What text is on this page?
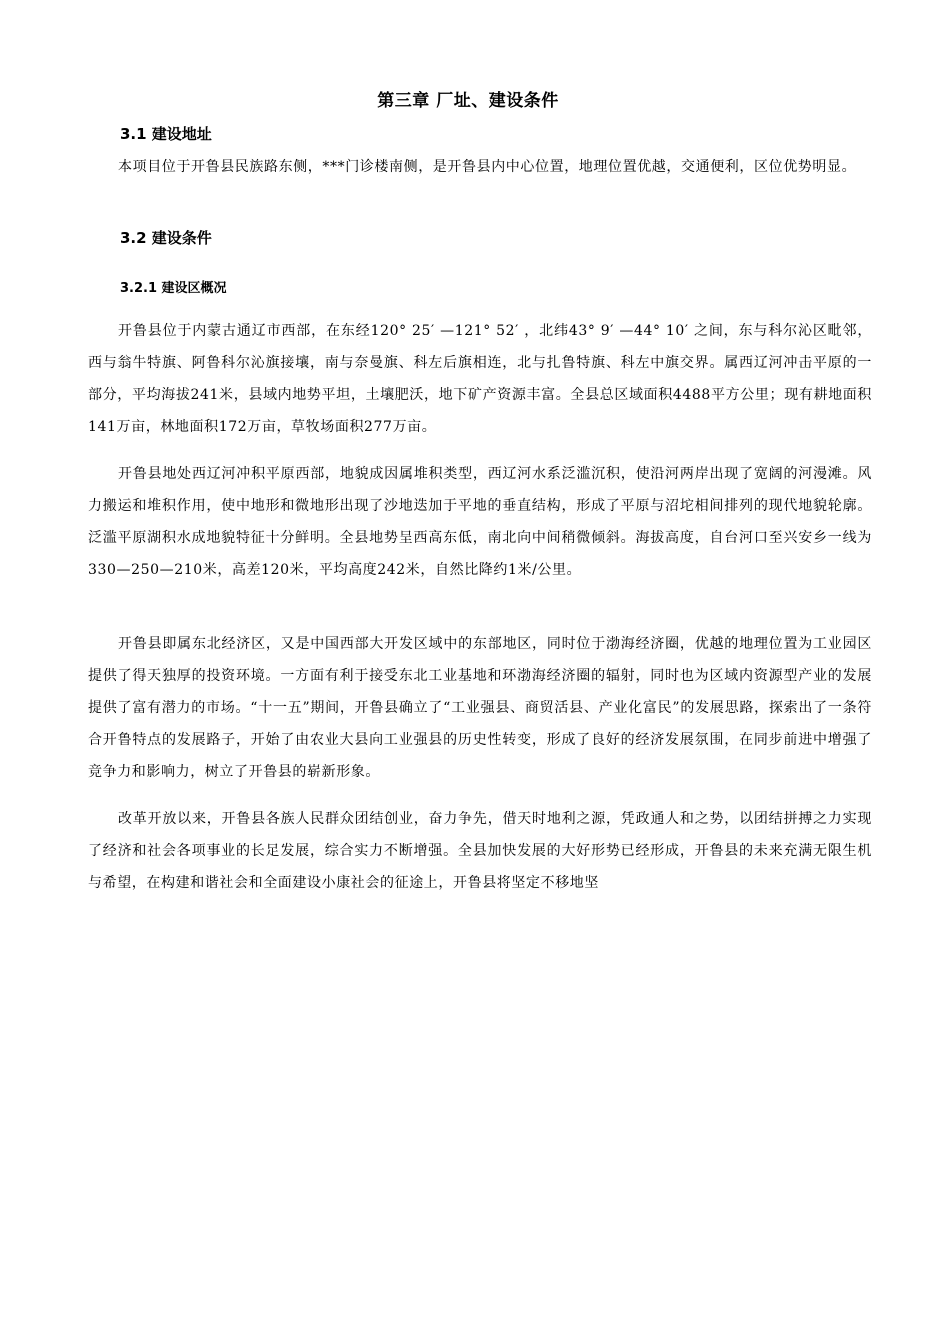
第三章 厂址、建设条件
3.1 建设地址

本项目位于开鲁县民族路东侧，***门诊楼南侧，是开鲁县内中心位置，地理位置优越，交通便利，区位优势明显。

3.2 建设条件
3.2.1 建设区概况

开鲁县位于内蒙古通辽市西部，在东经120° 25′ —121° 52′ ，北纬43° 9′ —44° 10′ 之间，东与科尔沁区毗邻，西与翁牛特旗、阿鲁科尔沁旗接壤，南与奈曼旗、科左后旗相连，北与扎鲁特旗、科左中旗交界。属西辽河冲击平原的一部分，平均海拔241米，县域内地势平坦，土壤肥沃，地下矿产资源丰富。全县总区域面积4488平方公里；现有耕地面积141万亩，林地面积172万亩，草牧场面积277万亩。

开鲁县地处西辽河冲积平原西部，地貌成因属堆积类型，西辽河水系泛滥沉积，使沿河两岸出现了宽阔的河漫滩。风力搬运和堆积作用，使中地形和微地形出现了沙地迭加于平地的垂直结构，形成了平原与沼坨相间排列的现代地貌轮廓。泛滥平原湖积水成地貌特征十分鲜明。全县地势呈西高东低，南北向中间稍微倾斜。海拔高度，自台河口至兴安乡一线为330—250—210米，高差120米，平均高度242米，自然比降约1米/公里。

开鲁县即属东北经济区，又是中国西部大开发区域中的东部地区，同时位于渤海经济圈，优越的地理位置为工业园区提供了得天独厚的投资环境。一方面有利于接受东北工业基地和环渤海经济圈的辐射，同时也为区域内资源型产业的发展提供了富有潜力的市场。“十一五”期间，开鲁县确立了“工业强县、商贸活县、产业化富民”的发展思路，探索出了一条符合开鲁特点的发展路子，开始了由农业大县向工业强县的历史性转变，形成了良好的经济发展氛围，在同步前进中增强了竞争力和影响力，树立了开鲁县的崭新形象。

改革开放以来，开鲁县各族人民群众团结创业，奋力争先，借天时地利之源，凭政通人和之势，以团结拼搏之力实现了经济和社会各项事业的长足发展，综合实力不断增强。全县加快发展的大好形势已经形成，开鲁县的未来充满无限生机与希望，在构建和谐社会和全面建设小康社会的征途上，开鲁县将坚定不移地坚
